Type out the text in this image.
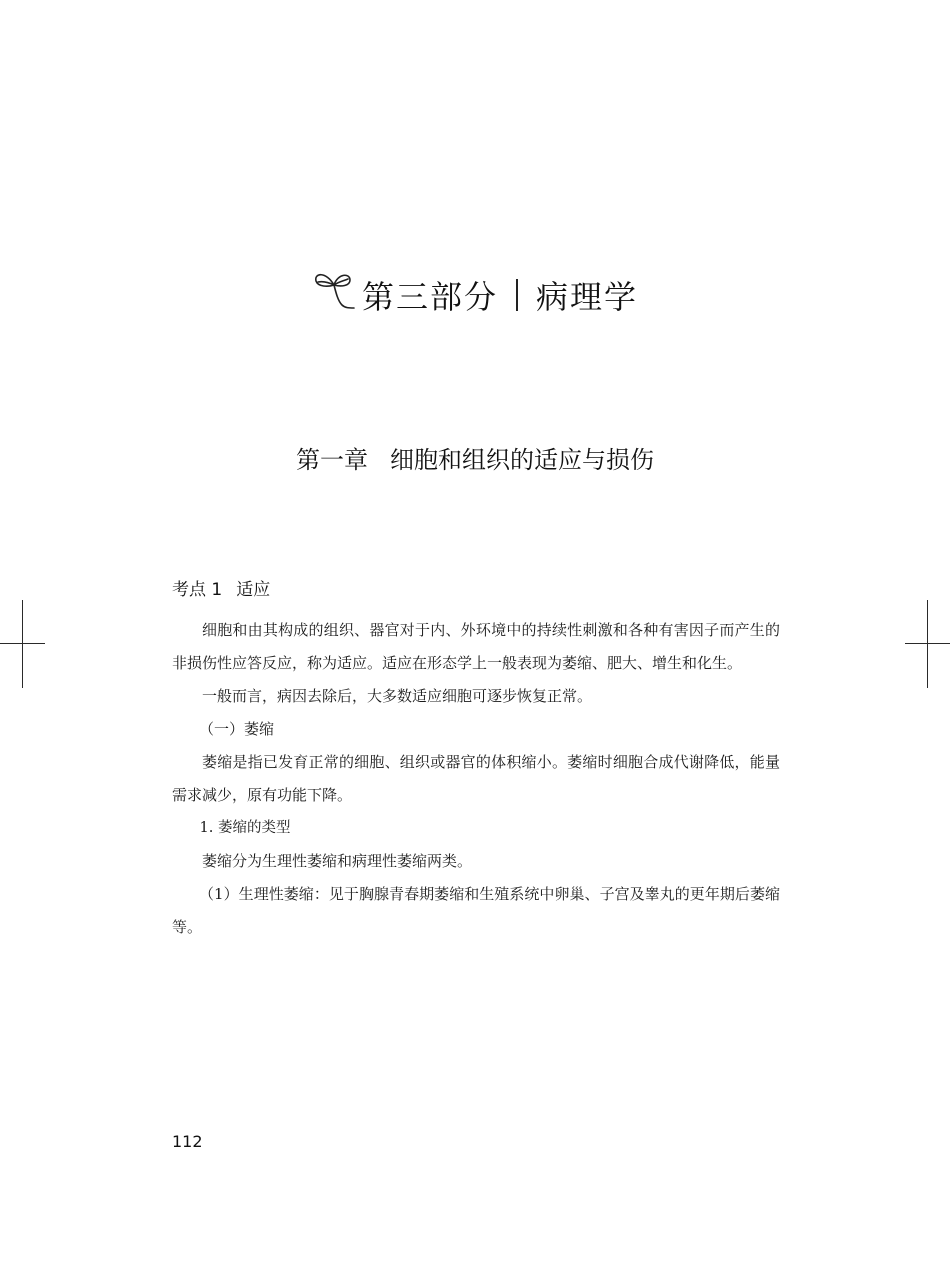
第三部分 病理学
第一章 细胞和组织的适应与损伤
考点 1 适应

细胞和由其构成的组织、器官对于内、外环境中的持续性刺激和各种有害因子而产生的非损伤性应答反应，称为适应。适应在形态学上一般表现为萎缩、肥大、增生和化生。

一般而言，病因去除后，大多数适应细胞可逐步恢复正常。

（一）萎缩

萎缩是指已发育正常的细胞、组织或器官的体积缩小。萎缩时细胞合成代谢降低，能量需求减少，原有功能下降。

1. 萎缩的类型

萎缩分为生理性萎缩和病理性萎缩两类。

（1）生理性萎缩：见于胸腺青春期萎缩和生殖系统中卵巢、子宫及睾丸的更年期后萎缩等。

112
